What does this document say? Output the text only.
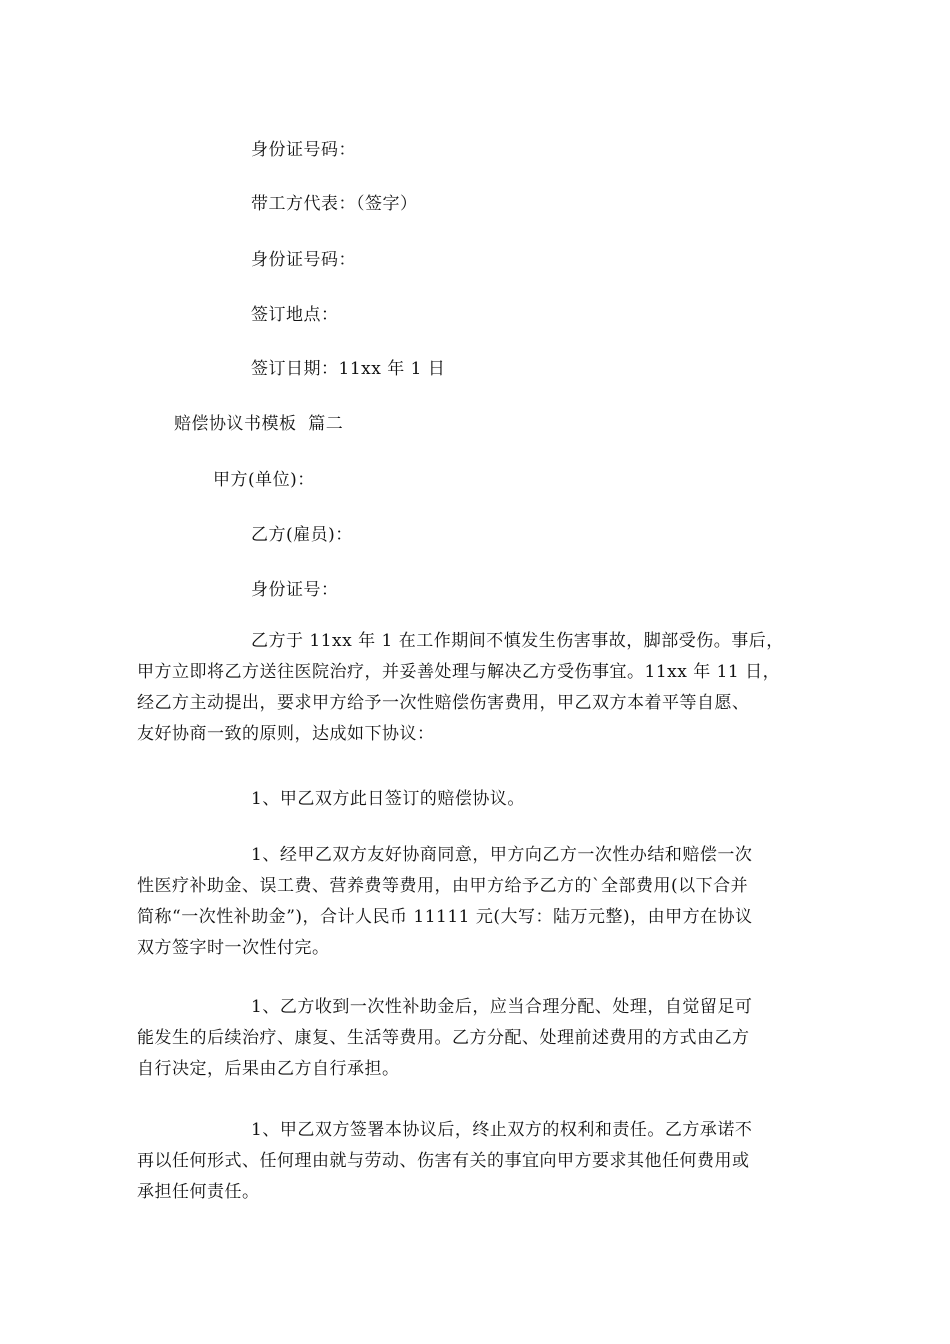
身份证号码：
带工方代表：（签字）
身份证号码：
签订地点：
签订日期：11xx 年 1 日
赔偿协议书模板  篇二
甲方(单位)：
乙方(雇员)：
身份证号：
乙方于 11xx 年 1 在工作期间不慎发生伤害事故，脚部受伤。事后，
甲方立即将乙方送往医院治疗，并妥善处理与解决乙方受伤事宜。11xx 年 11 日，
经乙方主动提出，要求甲方给予一次性赔偿伤害费用，甲乙双方本着平等自愿、
友好协商一致的原则，达成如下协议：
1、甲乙双方此日签订的赔偿协议。
1、经甲乙双方友好协商同意，甲方向乙方一次性办结和赔偿一次
性医疗补助金、误工费、营养费等费用，由甲方给予乙方的`全部费用(以下合并
简称“一次性补助金”)，合计人民币 11111 元(大写：陆万元整)，由甲方在协议
双方签字时一次性付完。
1、乙方收到一次性补助金后，应当合理分配、处理，自觉留足可
能发生的后续治疗、康复、生活等费用。乙方分配、处理前述费用的方式由乙方
自行决定，后果由乙方自行承担。
1、甲乙双方签署本协议后，终止双方的权利和责任。乙方承诺不
再以任何形式、任何理由就与劳动、伤害有关的事宜向甲方要求其他任何费用或
承担任何责任。
